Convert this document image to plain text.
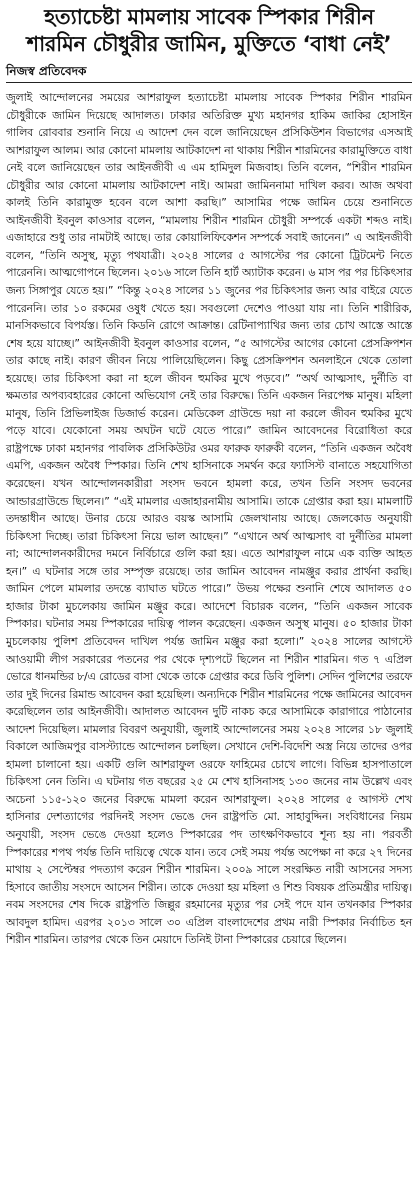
হত্যাচেষ্টা মামলায় সাবেক স্পিকার শিরীন
শারমিন চৌধুরীর জামিন, মুক্তিতে ‘বাধা নেই’
নিজস্ব প্রতিবেদক

জুলাই আন্দোলনের সময়ের আশরাফুল হত্যাচেষ্টা মামলায় সাবেক স্পিকার শিরীন শারমিন চৌধুরীকে জামিন দিয়েছে আদালত। ঢাকার অতিরিক্ত মুখ্য মহানগর হাকিম জাকির হোসাইন গালিব রোববার শুনানি নিয়ে এ আদেশ দেন বলে জানিয়েছেন প্রসিকিউশন বিভাগের এসআই আশরাফুল আলম। আর কোনো মামলায় আটকাদেশ না থাকায় শিরীন শারমিনের কারামুক্তিতে বাধা নেই বলে জানিয়েছেন তার আইনজীবী এ এম হামিদুল মিজবাহ। তিনি বলেন, “শিরীন শারমিন চৌধুরীর আর কোনো মামলায় আটকাদেশ নাই। আমরা জামিননামা দাখিল করব। আজ অথবা কালই তিনি কারামুক্ত হবেন বলে আশা করছি।” আসামির পক্ষে জামিন চেয়ে শুনানিতে আইনজীবী ইবনুল কাওসার বলেন, “মামলায় শিরীন শারমিন চৌধুরী সম্পর্কে একটা শব্দও নাই। এজাহারে শুধু তার নামটাই আছে। তার কোয়ালিফিকেশন সম্পর্কে সবাই জানেন।” এ আইনজীবী বলেন, “তিনি অসুস্থ, মৃত্যু পথযাত্রী। ২০২৪ সালের ৫ আগস্টের পর কোনো ট্রিটমেন্ট নিতে পারেননি। আত্মগোপনে ছিলেন। ২০১৬ সালে তিনি হার্ট অ্যাটাক করেন। ৬ মাস পর পর চিকিৎসার জন্য সিঙ্গাপুর যেতে হয়।” “কিন্তু ২০২৪ সালের ১১ জুনের পর চিকিৎসার জন্য আর বাইরে যেতে পারেননি। তার ১০ রকমের ওষুধ খেতে হয়। সবগুলো দেশেও পাওয়া যায় না। তিনি শারীরিক, মানসিকভাবে বিপর্যস্ত। তিনি কিডনি রোগে আক্রান্ত। রেটিনাপ্যাথির জন্য তার চোখ আস্তে আস্তে শেষ হয়ে যাচ্ছে।” আইনজীবী ইবনুল কাওসার বলেন, “৫ আগস্টের আগের কোনো প্রেসক্রিপশন তার কাছে নাই। কারণ জীবন নিয়ে পালিয়েছিলেন। কিছু প্রেসক্রিপশন অনলাইনে থেকে তোলা হয়েছে। তার চিকিৎসা করা না হলে জীবন হুমকির মুখে পড়বে।” “অর্থ আত্মসাৎ, দুর্নীতি বা ক্ষমতার অপব্যবহারের কোনো অভিযোগ নেই তার বিরুদ্ধে। তিনি একজন নিরপেক্ষ মানুষ। মহিলা মানুষ, তিনি প্রিভিলাইজ ডিজার্ভ করেন। মেডিকেল গ্রাউন্ডে দয়া না করলে জীবন হুমকির মুখে পড়ে যাবে। যেকোনো সময় অঘটন ঘটে যেতে পারে।” জামিন আবেদনের বিরোধিতা করে রাষ্ট্রপক্ষে ঢাকা মহানগর পাবলিক প্রসিকিউটর ওমর ফারুক ফারুকী বলেন, “তিনি একজন অবৈধ এমপি, একজন অবৈধ স্পিকার। তিনি শেখ হাসিনাকে সমর্থন করে ফ্যাসিস্ট বানাতে সহযোগিতা করেছেন। যখন আন্দোলনকারীরা সংসদ ভবনে হামলা করে, তখন তিনি সংসদ ভবনের আন্ডারগ্রাউন্ডে ছিলেন।” “এই মামলার এজাহারনামীয় আসামি। তাকে গ্রেপ্তার করা হয়। মামলাটি তদন্তাধীন আছে। উনার চেয়ে আরও বয়স্ক আসামি জেলখানায় আছে। জেলকোড অনুযায়ী চিকিৎসা দিচ্ছে। তারা চিকিৎসা নিয়ে ভাল আছেন।” “এখানে অর্থ আত্মসাৎ বা দুর্নীতির মামলা না; আন্দোলনকারীদের দমনে নির্বিচারে গুলি করা হয়। এতে আশরাফুল নামে এক ব্যক্তি আহত হন।” এ ঘটনার সঙ্গে তার সম্পৃক্ত রয়েছে। তার জামিন আবেদন নামঞ্জুর করার প্রার্থনা করছি। জামিন পেলে মামলার তদন্তে ব্যাঘাত ঘটতে পারে।” উভয় পক্ষের শুনানি শেষে আদালত ৫০ হাজার টাকা মুচলেকায় জামিন মঞ্জুর করে। আদেশে বিচারক বলেন, “তিনি একজন সাবেক স্পিকার। ঘটনার সময় স্পিকারের দায়িত্ব পালন করেছেন। একজন অসুস্থ মানুষ। ৫০ হাজার টাকা মুচলেকায় পুলিশ প্রতিবেদন দাখিল পর্যন্ত জামিন মঞ্জুর করা হলো।” ২০২৪ সালের আগস্টে আওয়ামী লীগ সরকারের পতনের পর থেকে দৃশ্যপটে ছিলেন না শিরীন শারমিন। গত ৭ এপ্রিল ভোরে ধানমন্ডির ৮/এ রোডের বাসা থেকে তাকে গ্রেপ্তার করে ডিবি পুলিশ। সেদিন পুলিশের তরফে তার দুই দিনের রিমান্ড আবেদন করা হয়েছিল। অন্যদিকে শিরীন শারমিনের পক্ষে জামিনের আবেদন করেছিলেন তার আইনজীবী। আদালত আবেদন দুটি নাকচ করে আসামিকে কারাগারে পাঠানোর আদেশ দিয়েছিল। মামলার বিবরণ অনুযায়ী, জুলাই আন্দোলনের সময় ২০২৪ সালের ১৮ জুলাই বিকালে আজিমপুর বাসস্ট্যান্ডে আন্দোলন চলছিল। সেখানে দেশি-বিদেশি অস্ত্র নিয়ে তাদের ওপর হামলা চালানো হয়। একটি গুলি আশরাফুল ওরফে ফাহিমের চোখে লাগে। বিভিন্ন হাসপাতালে চিকিৎসা নেন তিনি। এ ঘটনায় গত বছরের ২৫ মে শেখ হাসিনাসহ ১৩০ জনের নাম উল্লেখ এবং অচেনা ১১৫-১২০ জনের বিরুদ্ধে মামলা করেন আশরাফুল। ২০২৪ সালের ৫ আগস্ট শেখ হাসিনার দেশত্যাগের পরদিনই সংসদ ভেঙে দেন রাষ্ট্রপতি মো. সাহাবুদ্দিন। সংবিধানের নিয়ম অনুযায়ী, সংসদ ভেঙে দেওয়া হলেও স্পিকারের পদ তাৎক্ষণিকভাবে শূন্য হয় না। পরবর্তী স্পিকারের শপথ পর্যন্ত তিনি দায়িত্বে থেকে যান। তবে সেই সময় পর্যন্ত অপেক্ষা না করে ২৭ দিনের মাথায় ২ সেপ্টেম্বর পদত্যাগ করেন শিরীন শারমিন। ২০০৯ সালে সংরক্ষিত নারী আসনের সদস্য হিসাবে জাতীয় সংসদে আসেন শিরীন। তাকে দেওয়া হয় মহিলা ও শিশু বিষয়ক প্রতিমন্ত্রীর দায়িত্ব। নবম সংসদের শেষ দিকে রাষ্ট্রপতি জিল্লুর রহমানের মৃত্যুর পর সেই পদে যান তখনকার স্পিকার আবদুল হামিদ। এরপর ২০১৩ সালে ৩০ এপ্রিল বাংলাদেশের প্রথম নারী স্পিকার নির্বাচিত হন শিরীন শারমিন। তারপর থেকে তিন মেয়াদে তিনিই টানা স্পিকারের চেয়ারে ছিলেন।
